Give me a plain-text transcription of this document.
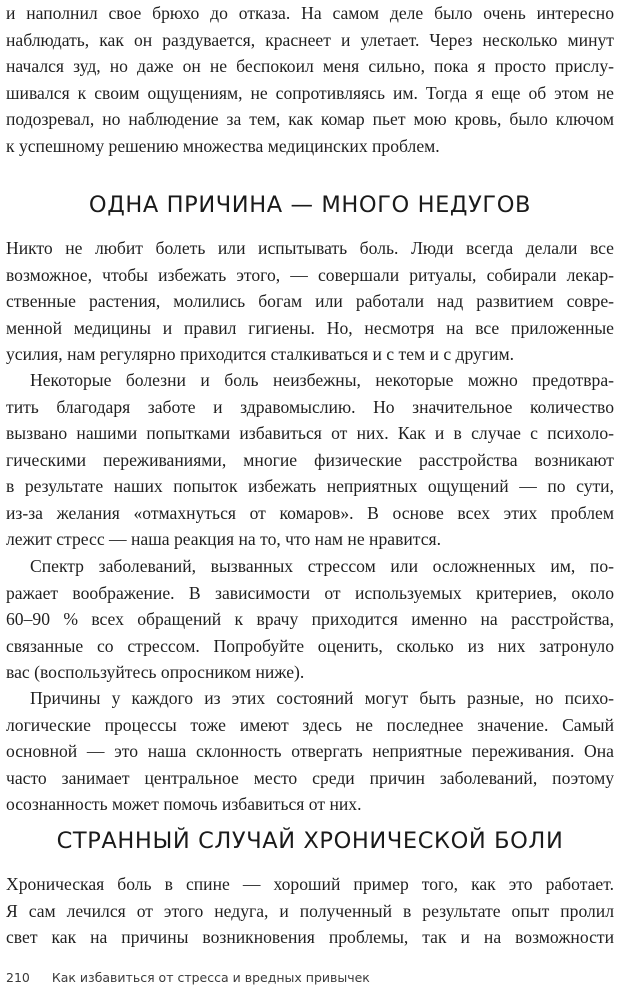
и наполнил свое брюхо до отказа. На самом деле было очень интересно
наблюдать, как он раздувается, краснеет и улетает. Через несколько минут
начался зуд, но даже он не беспокоил меня сильно, пока я просто прислу-
шивался к своим ощущениям, не сопротивляясь им. Тогда я еще об этом не
подозревал, но наблюдение за тем, как комар пьет мою кровь, было ключом
к успешному решению множества медицинских проблем.
ОДНА ПРИЧИНА — МНОГО НЕДУГОВ
Никто не любит болеть или испытывать боль. Люди всегда делали все
возможное, чтобы избежать этого, — совершали ритуалы, собирали лекар-
ственные растения, молились богам или работали над развитием совре-
менной медицины и правил гигиены. Но, несмотря на все приложенные
усилия, нам регулярно приходится сталкиваться и с тем и с другим.
Некоторые болезни и боль неизбежны, некоторые можно предотвра-
тить благодаря заботе и здравомыслию. Но значительное количество
вызвано нашими попытками избавиться от них. Как и в случае с психоло-
гическими переживаниями, многие физические расстройства возникают
в результате наших попыток избежать неприятных ощущений — по сути,
из-за желания «отмахнуться от комаров». В основе всех этих проблем
лежит стресс — наша реакция на то, что нам не нравится.
Спектр заболеваний, вызванных стрессом или осложненных им, по-
ражает воображение. В зависимости от используемых критериев, около
60–90 % всех обращений к врачу приходится именно на расстройства,
связанные со стрессом. Попробуйте оценить, сколько из них затронуло
вас (воспользуйтесь опросником ниже).
Причины у каждого из этих состояний могут быть разные, но психо-
логические процессы тоже имеют здесь не последнее значение. Самый
основной — это наша склонность отвергать неприятные переживания. Она
часто занимает центральное место среди причин заболеваний, поэтому
осознанность может помочь избавиться от них.
СТРАННЫЙ СЛУЧАЙ ХРОНИЧЕСКОЙ БОЛИ
Хроническая боль в спине — хороший пример того, как это работает.
Я сам лечился от этого недуга, и полученный в результате опыт пролил
свет как на причины возникновения проблемы, так и на возможности
210 Как избавиться от стресса и вредных привычек
